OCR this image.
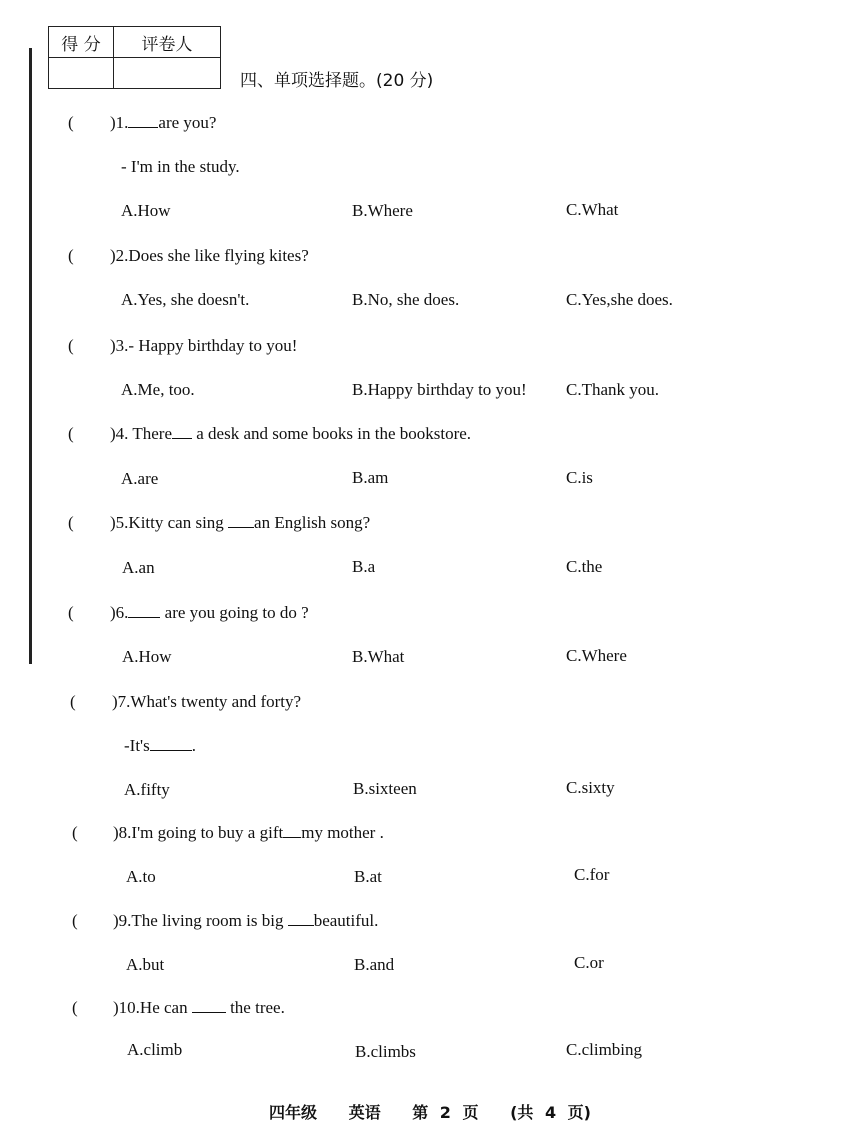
得 分	评卷人

四、单项选择题。(20 分)
( )1. are you?
- I'm in the study.
A.How	B.Where	C.What
( )2.Does she like flying kites?
A.Yes, she doesn't.	B.No, she does.	C.Yes,she does.
( )3.- Happy birthday to you!
A.Me, too.	B.Happy birthday to you! C.Thank you.
( )4. There a desk and some books in the bookstore.
A.are	B.am	C.is
( )5.Kitty can sing an English song?
A.an	B.a	C.the
( )6. are you going to do ?
A.How	B.What	C.Where
( )7.What's twenty and forty?
-It's .
A.fifty	B.sixteen	C.sixty
( )8.I'm going to buy a gift my mother .
A.to	B.at	C.for
( )9.The living room is big beautiful.
A.but	B.and	C.or
( )10.He can  the tree.
A.climb	B.climbs	C.climbing
四年级 英语 第 2 页 (共 4 页)
